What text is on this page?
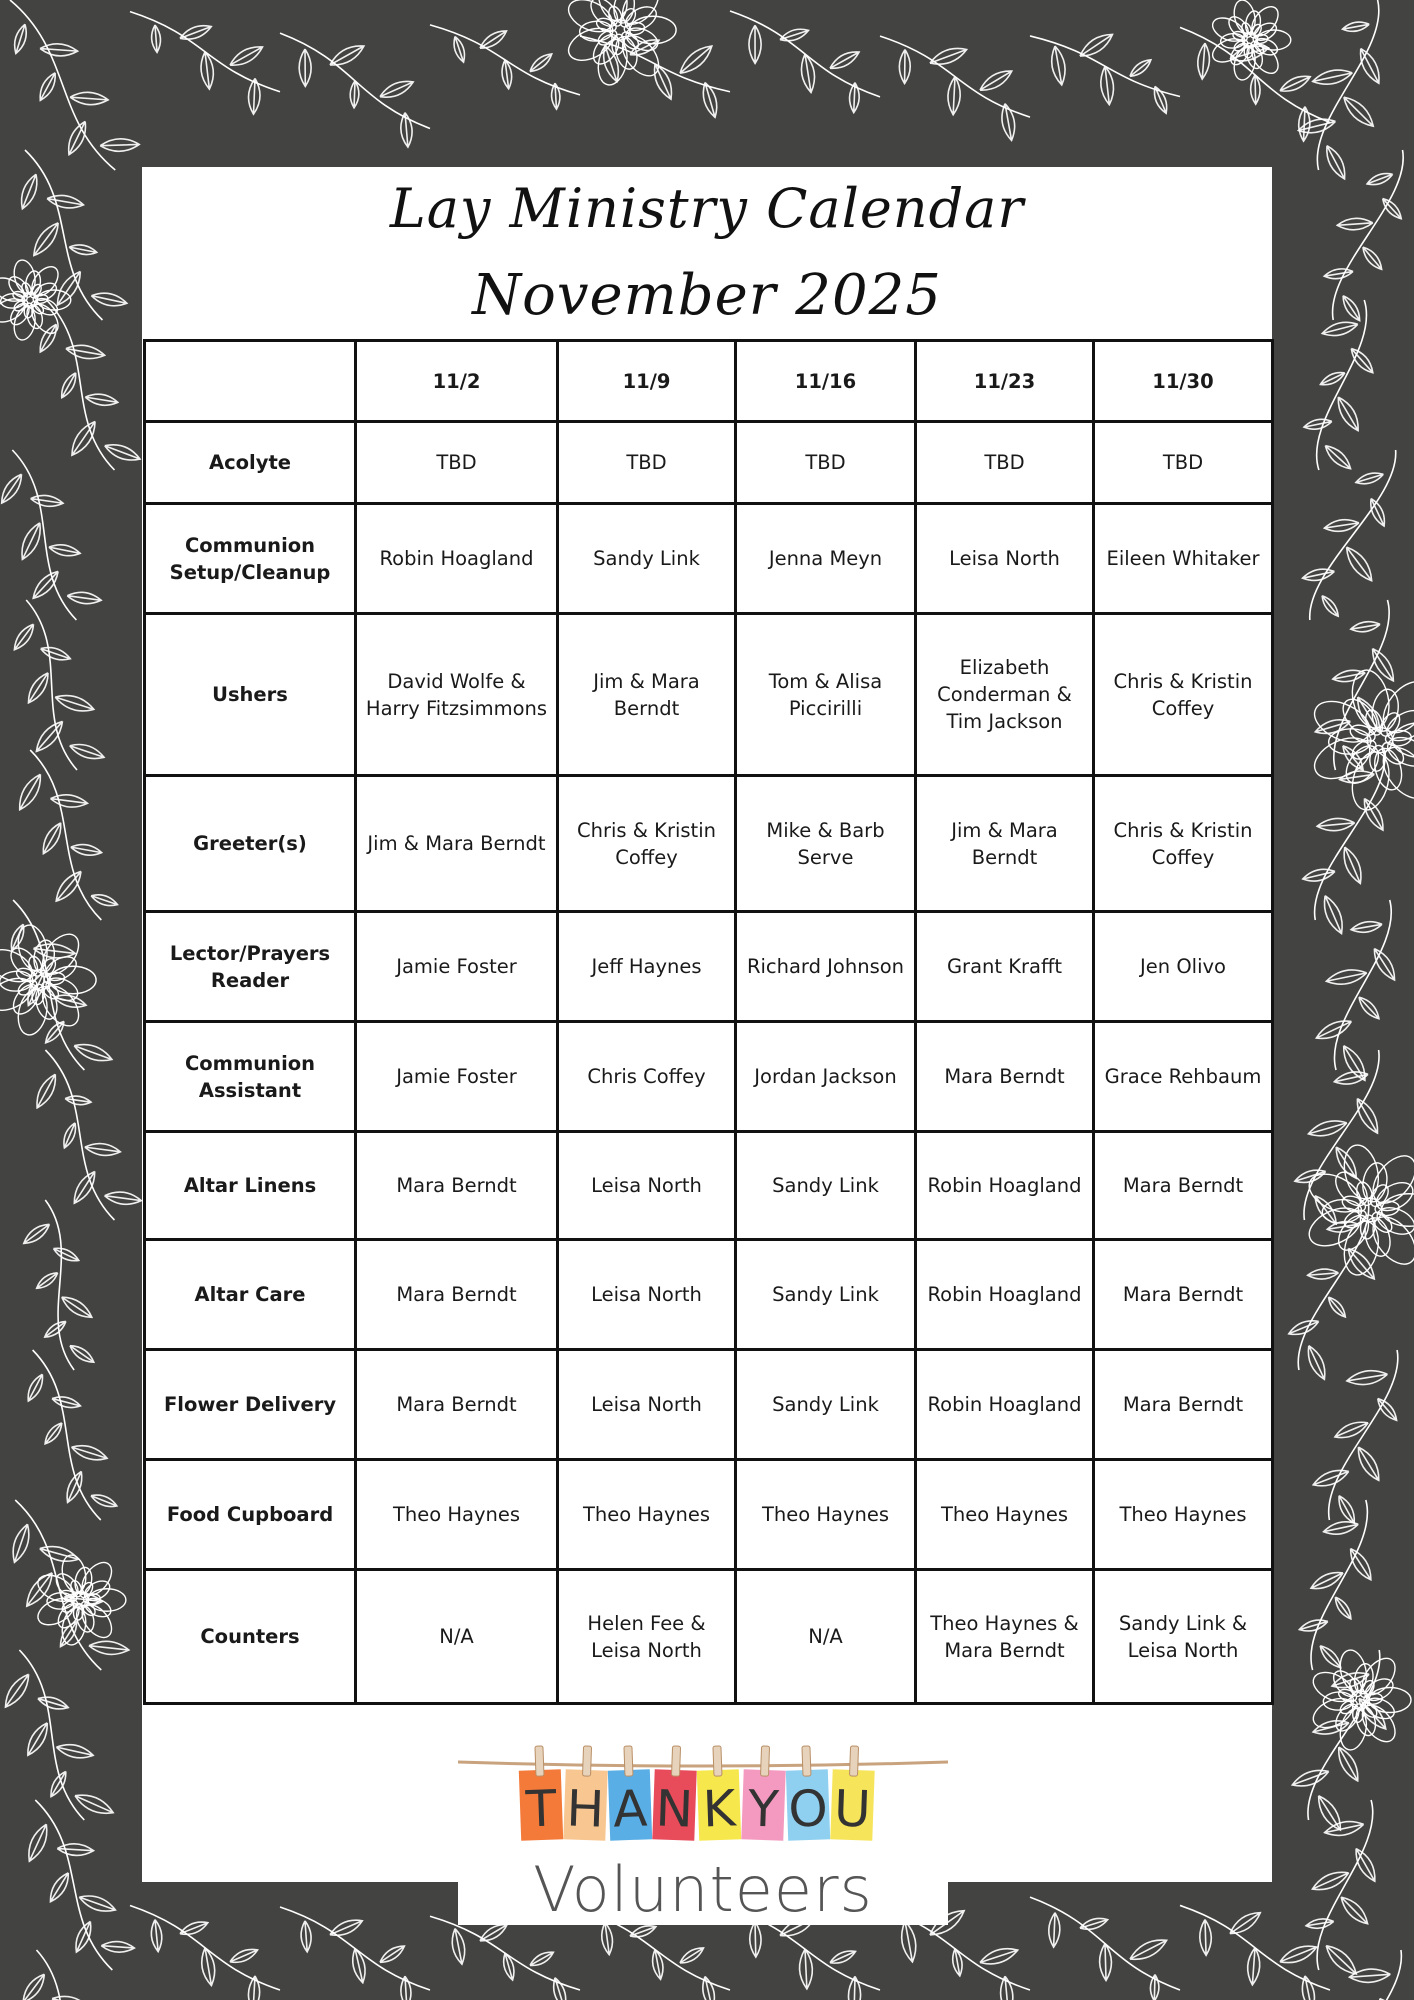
Lay Ministry Calendar
November 2025
	11/2	11/9	11/16	11/23	11/30
Acolyte	TBD	TBD	TBD	TBD	TBD
Communion Setup/Cleanup	Robin Hoagland	Sandy Link	Jenna Meyn	Leisa North	Eileen Whitaker
Ushers	David Wolfe & Harry Fitzsimmons	Jim & Mara Berndt	Tom & Alisa Piccirilli	Elizabeth Conderman & Tim Jackson	Chris & Kristin Coffey
Greeter(s)	Jim & Mara Berndt	Chris & Kristin Coffey	Mike & Barb Serve	Jim & Mara Berndt	Chris & Kristin Coffey
Lector/Prayers Reader	Jamie Foster	Jeff Haynes	Richard Johnson	Grant Krafft	Jen Olivo
Communion Assistant	Jamie Foster	Chris Coffey	Jordan Jackson	Mara Berndt	Grace Rehbaum
Altar Linens	Mara Berndt	Leisa North	Sandy Link	Robin Hoagland	Mara Berndt
Altar Care	Mara Berndt	Leisa North	Sandy Link	Robin Hoagland	Mara Berndt
Flower Delivery	Mara Berndt	Leisa North	Sandy Link	Robin Hoagland	Mara Berndt
Food Cupboard	Theo Haynes	Theo Haynes	Theo Haynes	Theo Haynes	Theo Haynes
Counters	N/A	Helen Fee & Leisa North	N/A	Theo Haynes & Mara Berndt	Sandy Link & Leisa North
T H A N K Y O U
Volunteers
